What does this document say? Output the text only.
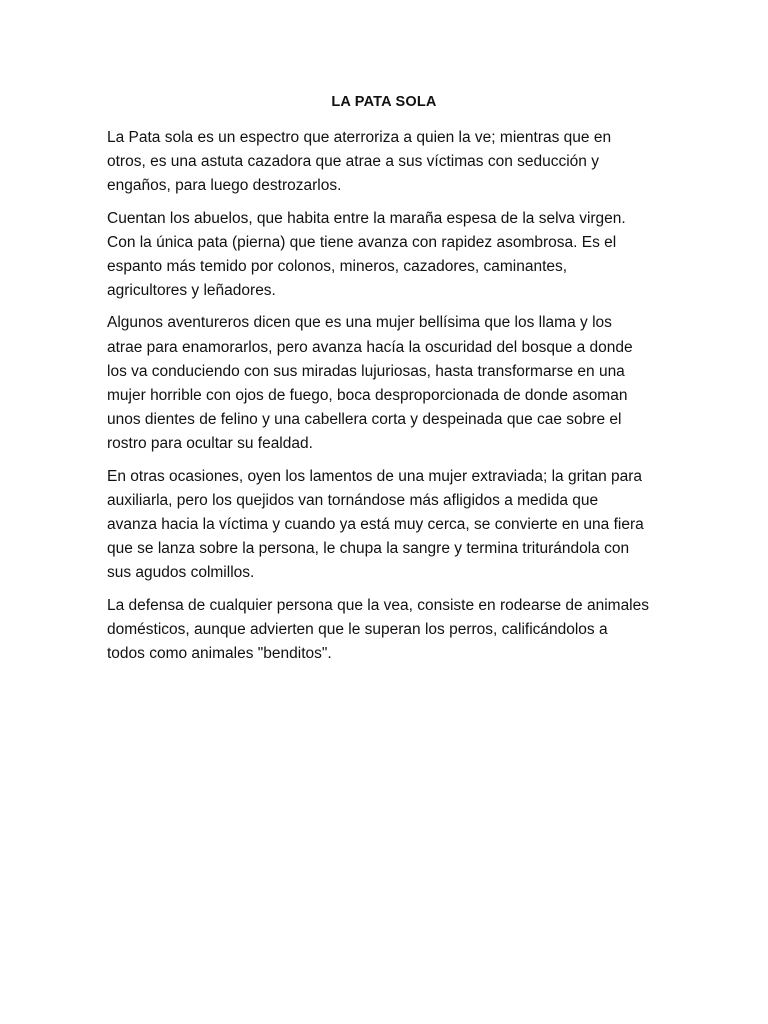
LA PATA SOLA

La Pata sola es un espectro que aterroriza a quien la ve; mientras que en
otros, es una astuta cazadora que atrae a sus víctimas con seducción y
engaños, para luego destrozarlos.

Cuentan los abuelos, que habita entre la maraña espesa de la selva virgen.
Con la única pata (pierna) que tiene avanza con rapidez asombrosa. Es el
espanto más temido por colonos, mineros, cazadores, caminantes,
agricultores y leñadores.

Algunos aventureros dicen que es una mujer bellísima que los llama y los
atrae para enamorarlos, pero avanza hacía la oscuridad del bosque a donde
los va conduciendo con sus miradas lujuriosas, hasta transformarse en una
mujer horrible con ojos de fuego, boca desproporcionada de donde asoman
unos dientes de felino y una cabellera corta y despeinada que cae sobre el
rostro para ocultar su fealdad.

En otras ocasiones, oyen los lamentos de una mujer extraviada; la gritan para
auxiliarla, pero los quejidos van tornándose más afligidos a medida que
avanza hacia la víctima y cuando ya está muy cerca, se convierte en una fiera
que se lanza sobre la persona, le chupa la sangre y termina triturándola con
sus agudos colmillos.

La defensa de cualquier persona que la vea, consiste en rodearse de animales
domésticos, aunque advierten que le superan los perros, calificándolos a
todos como animales "benditos".
